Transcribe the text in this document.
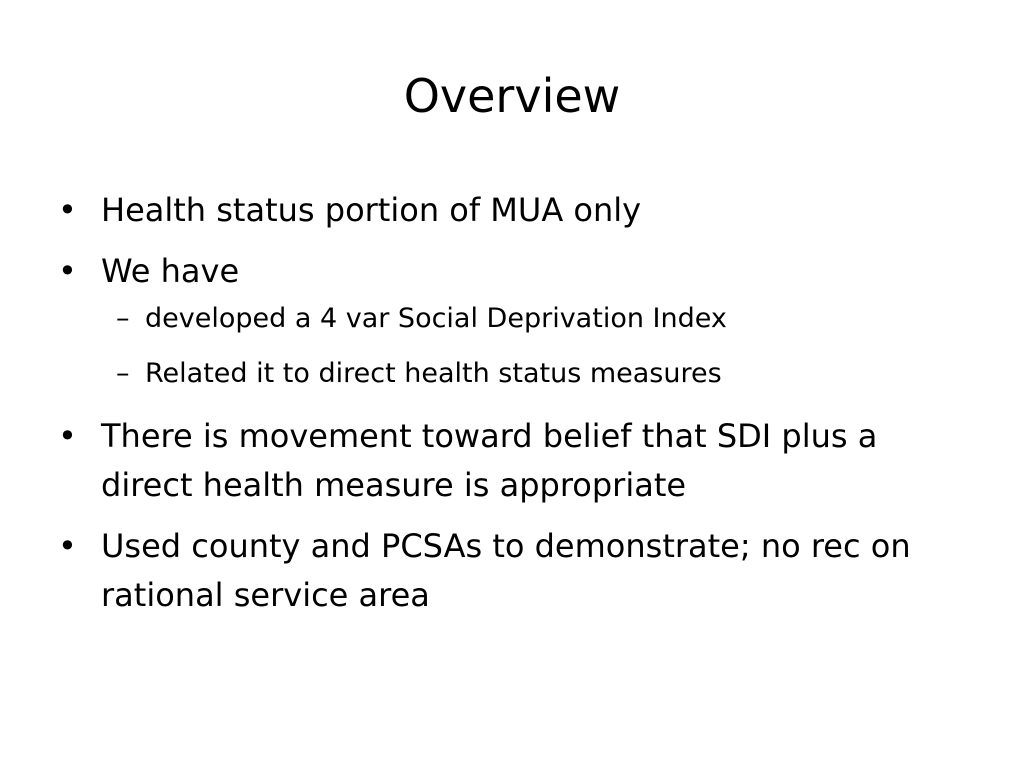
Overview
• Health status portion of MUA only
• We have
– developed a 4 var Social Deprivation Index
– Related it to direct health status measures
• There is movement toward belief that SDI plus a direct health measure is appropriate
• Used county and PCSAs to demonstrate; no rec on rational service area
